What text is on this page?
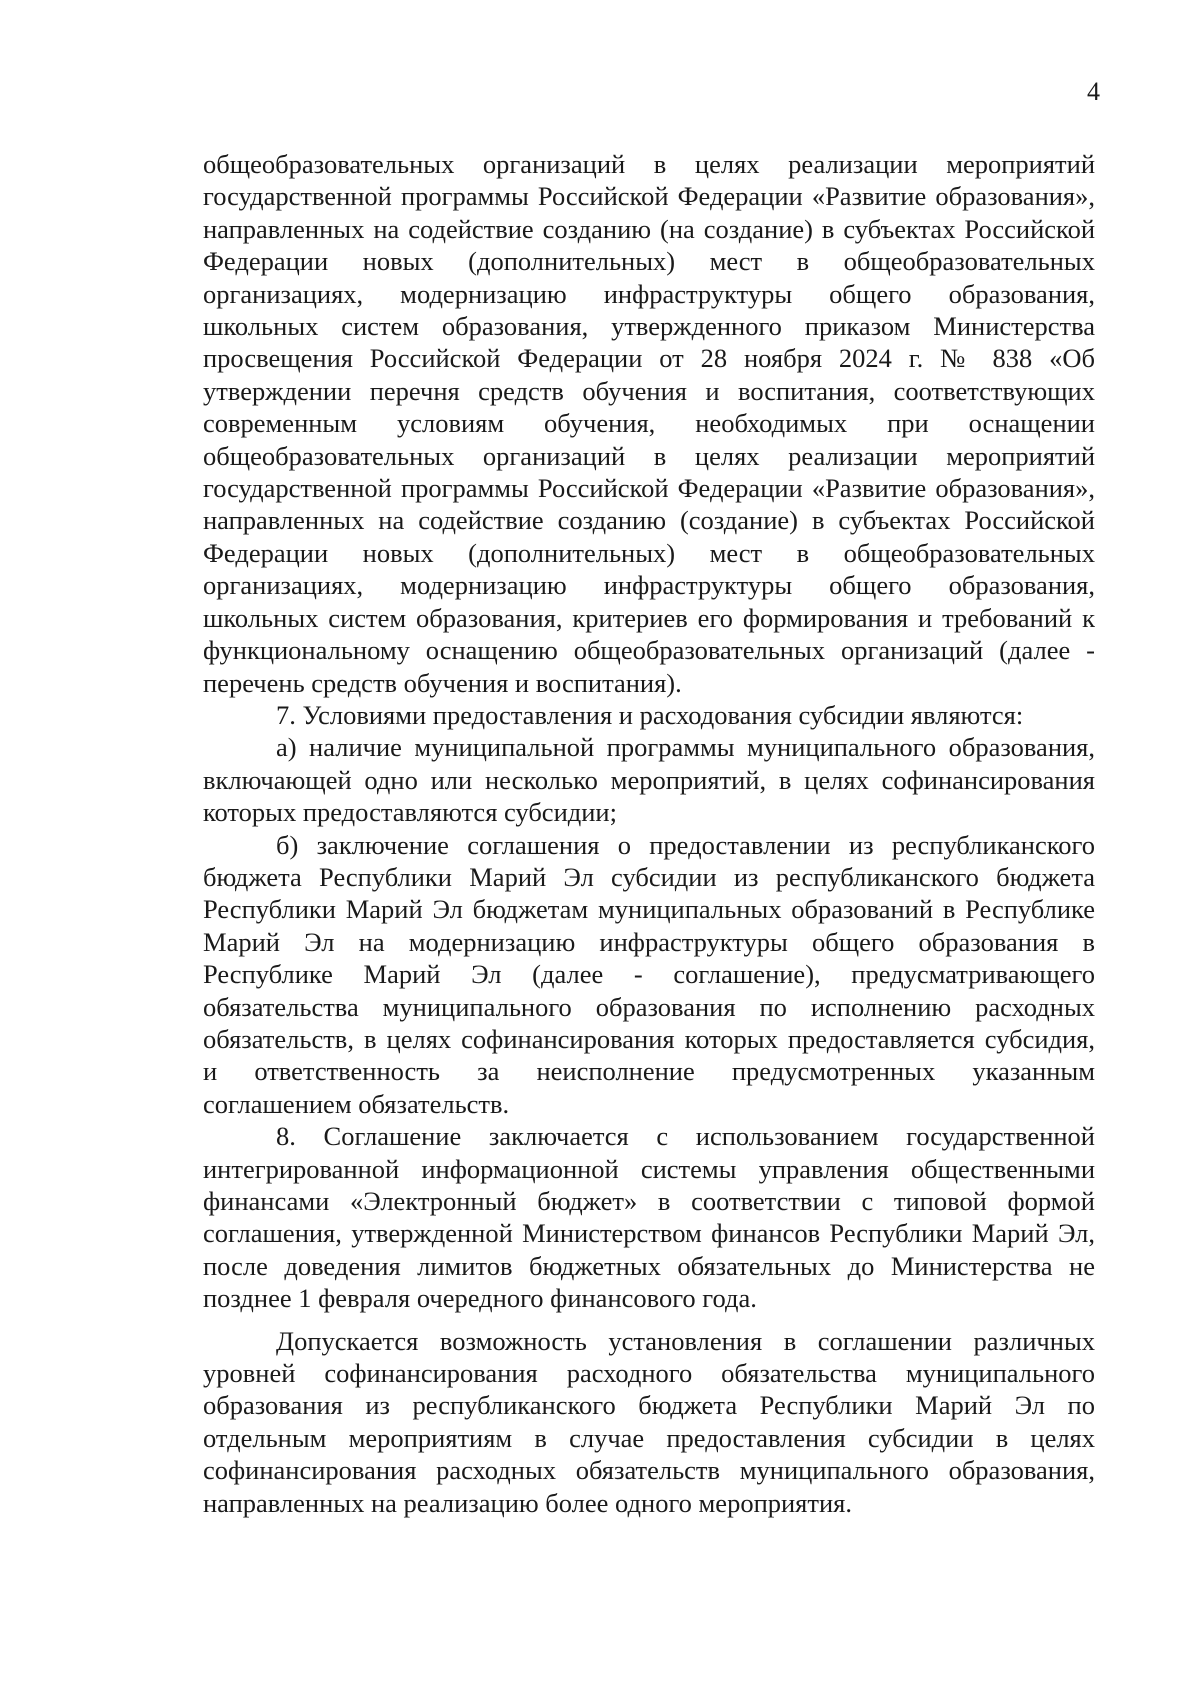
4

общеобразовательных организаций в целях реализации мероприятий государственной программы Российской Федерации «Развитие образования», направленных на содействие созданию (на создание) в субъектах Российской Федерации новых (дополнительных) мест в общеобразовательных организациях, модернизацию инфраструктуры общего образования, школьных систем образования, утвержденного приказом Министерства просвещения Российской Федерации от 28 ноября 2024 г. № 838 «Об утверждении перечня средств обучения и воспитания, соответствующих современным условиям обучения, необходимых при оснащении общеобразовательных организаций в целях реализации мероприятий государственной программы Российской Федерации «Развитие образования», направленных на содействие созданию (создание) в субъектах Российской Федерации новых (дополнительных) мест в общеобразовательных организациях, модернизацию инфраструктуры общего образования, школьных систем образования, критериев его формирования и требований к функциональному оснащению общеобразовательных организаций (далее - перечень средств обучения и воспитания).

7. Условиями предоставления и расходования субсидии являются:

а) наличие муниципальной программы муниципального образования, включающей одно или несколько мероприятий, в целях софинансирования которых предоставляются субсидии;

б) заключение соглашения о предоставлении из республиканского бюджета Республики Марий Эл субсидии из республиканского бюджета Республики Марий Эл бюджетам муниципальных образований в Республике Марий Эл на модернизацию инфраструктуры общего образования в Республике Марий Эл (далее - соглашение), предусматривающего обязательства муниципального образования по исполнению расходных обязательств, в целях софинансирования которых предоставляется субсидия, и ответственность за неисполнение предусмотренных указанным соглашением обязательств.

8. Соглашение заключается с использованием государственной интегрированной информационной системы управления общественными финансами «Электронный бюджет» в соответствии с типовой формой соглашения, утвержденной Министерством финансов Республики Марий Эл, после доведения лимитов бюджетных обязательных до Министерства не позднее 1 февраля очередного финансового года.

Допускается возможность установления в соглашении различных уровней софинансирования расходного обязательства муниципального образования из республиканского бюджета Республики Марий Эл по отдельным мероприятиям в случае предоставления субсидии в целях софинансирования расходных обязательств муниципального образования, направленных на реализацию более одного мероприятия.
